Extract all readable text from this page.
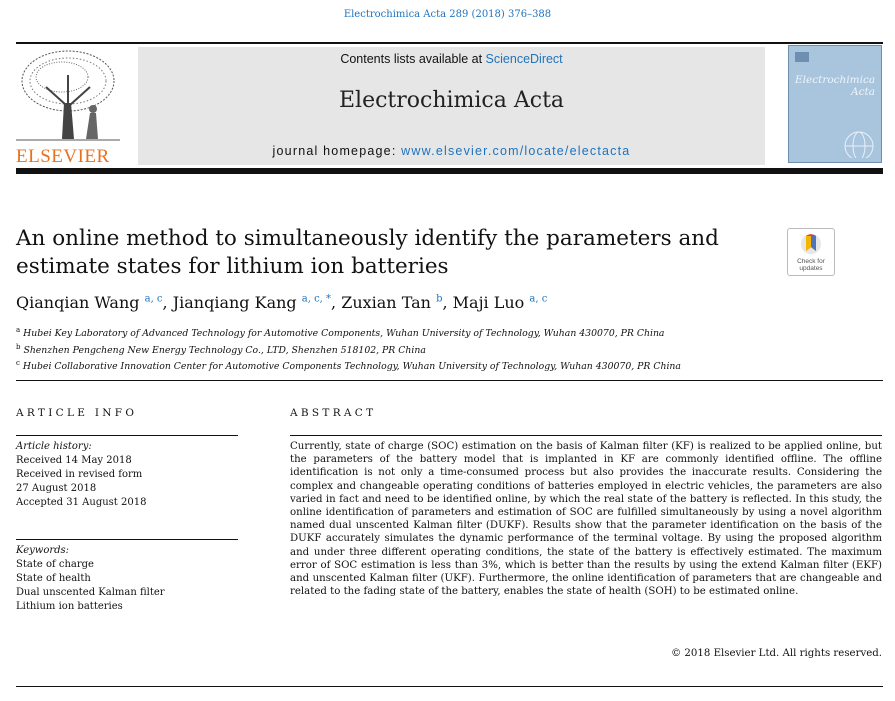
Electrochimica Acta 289 (2018) 376–388
ELSEVIER
Contents lists available at ScienceDirect
Electrochimica Acta
journal homepage: www.elsevier.com/locate/electacta
Electrochimica Acta
An online method to simultaneously identify the parameters and estimate states for lithium ion batteries	Check for updates
Qianqian Wang $^{a, c}$, Jianqiang Kang $^{a, c, *}$, Zuxian Tan $^b$, Maji Luo $^{a, c}$
$^a$ Hubei Key Laboratory of Advanced Technology for Automotive Components, Wuhan University of Technology, Wuhan 430070, PR China
$^b$ Shenzhen Pengcheng New Energy Technology Co., LTD, Shenzhen 518102, PR China
$^c$ Hubei Collaborative Innovation Center for Automotive Components Technology, Wuhan University of Technology, Wuhan 430070, PR China
ARTICLE INFO	ABSTRACT
Article history:
Received 14 May 2018
Received in revised form
27 August 2018
Accepted 31 August 2018
Keywords:
State of charge
State of health
Dual unscented Kalman filter
Lithium ion batteries
Currently, state of charge (SOC) estimation on the basis of Kalman filter (KF) is realized to be applied online, but the parameters of the battery model that is implanted in KF are commonly identified offline. The offline identification is not only a time-consumed process but also provides the inaccurate results. Considering the complex and changeable operating conditions of batteries employed in electric vehicles, the parameters are also varied in fact and need to be identified online, by which the real state of the battery is reflected. In this study, the online identification of parameters and estimation of SOC are fulfilled simultaneously by using a novel algorithm named dual unscented Kalman filter (DUKF). Results show that the parameter identification on the basis of the DUKF accurately simulates the dynamic performance of the terminal voltage. By using the proposed algorithm and under three different operating conditions, the state of the battery is effectively estimated. The maximum error of SOC estimation is less than 3%, which is better than the results by using the extend Kalman filter (EKF) and unscented Kalman filter (UKF). Furthermore, the online identification of parameters that are changeable and related to the fading state of the battery, enables the state of health (SOH) to be estimated online.
© 2018 Elsevier Ltd. All rights reserved.
